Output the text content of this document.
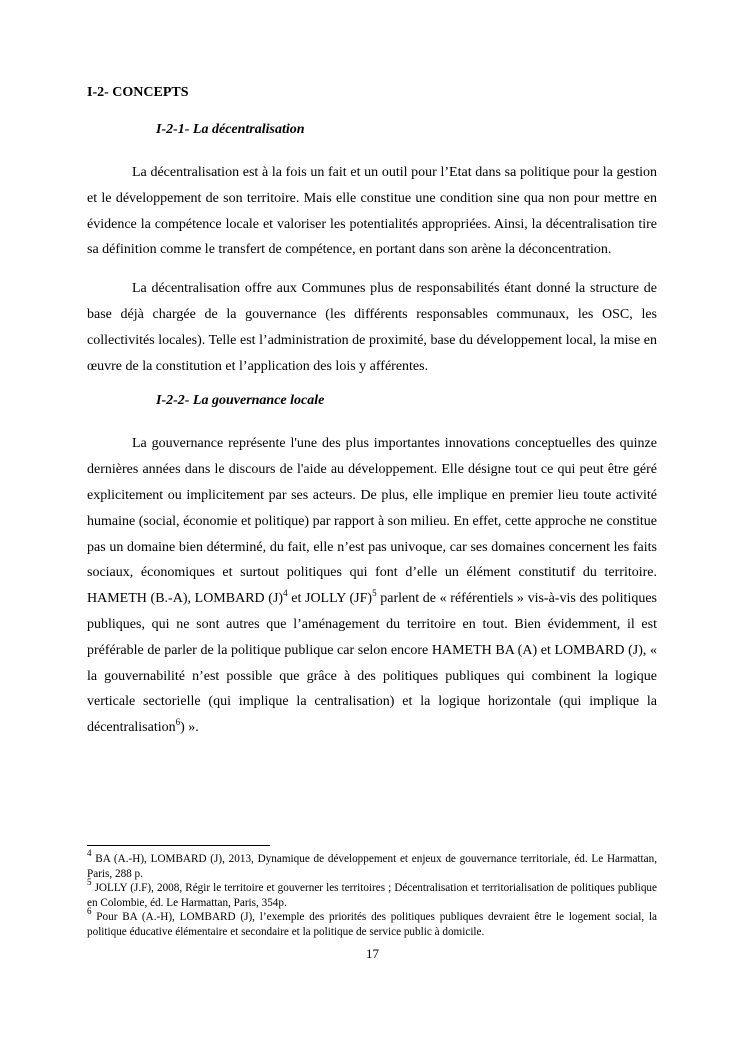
I-2- CONCEPTS
I-2-1- La décentralisation

La décentralisation est à la fois un fait et un outil pour l’Etat dans sa politique pour la gestion et le développement de son territoire. Mais elle constitue une condition sine qua non pour mettre en évidence la compétence locale et valoriser les potentialités appropriées. Ainsi, la décentralisation tire sa définition comme le transfert de compétence, en portant dans son arène la déconcentration.

La décentralisation offre aux Communes plus de responsabilités étant donné la structure de base déjà chargée de la gouvernance (les différents responsables communaux, les OSC, les collectivités locales). Telle est l’administration de proximité, base du développement local, la mise en œuvre de la constitution et l’application des lois y afférentes.

I-2-2- La gouvernance locale

La gouvernance représente l'une des plus importantes innovations conceptuelles des quinze dernières années dans le discours de l'aide au développement. Elle désigne tout ce qui peut être géré explicitement ou implicitement par ses acteurs. De plus, elle implique en premier lieu toute activité humaine (social, économie et politique) par rapport à son milieu. En effet, cette approche ne constitue pas un domaine bien déterminé, du fait, elle n’est pas univoque, car ses domaines concernent les faits sociaux, économiques et surtout politiques qui font d’elle un élément constitutif du territoire. HAMETH (B.-A), LOMBARD $(J)^4$ et JOLLY (JF)$^5$ parlent de « référentiels » vis-à-vis des politiques publiques, qui ne sont autres que l’aménagement du territoire en tout. Bien évidemment, il est préférable de parler de la politique publique car selon encore HAMETH BA (A) et LOMBARD (J), « la gouvernabilité n’est possible que grâce à des politiques publiques qui combinent la logique verticale sectorielle (qui implique la centralisation) et la logique horizontale (qui implique la décentralisation$^6$) ».

$^4$ BA (A.-H), LOMBARD (J), 2013, Dynamique de développement et enjeux de gouvernance territoriale, éd. Le Harmattan, Paris, 288 p.

$^5$ JOLLY (J.F), 2008, Régir le territoire et gouverner les territoires ; Décentralisation et territorialisation de politiques publique en Colombie, éd. Le Harmattan, Paris, 354p.

$^6$ Pour BA (A.-H), LOMBARD (J), l’exemple des priorités des politiques publiques devraient être le logement social, la politique éducative élémentaire et secondaire et la politique de service public à domicile.

17
